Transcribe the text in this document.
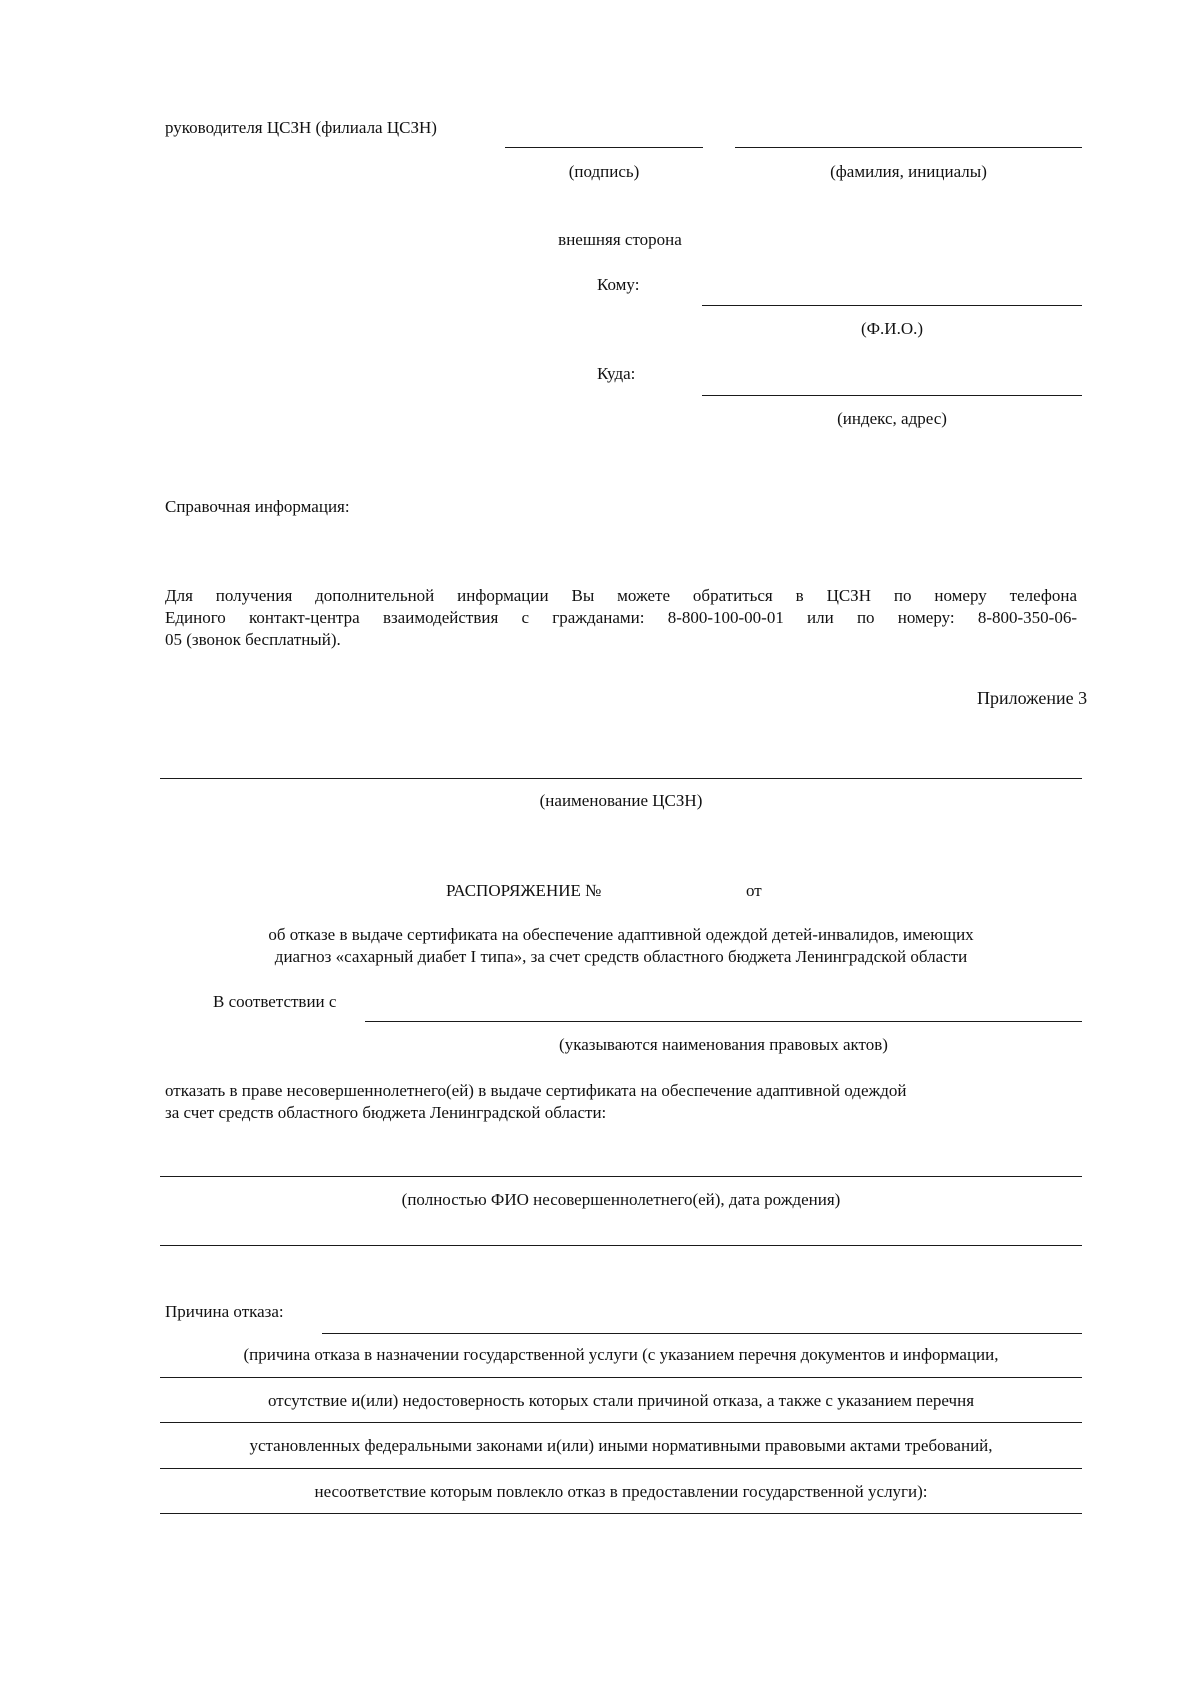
руководителя ЦСЗН (филиала ЦСЗН)
(подпись)	(фамилия, инициалы)
внешняя сторона
Кому:
(Ф.И.О.)
Куда:
(индекс, адрес)
Справочная информация:
Для получения дополнительной информации Вы можете обратиться в ЦСЗН по номеру телефона
Единого контакт-центра взаимодействия с гражданами: 8-800-100-00-01 или по номеру: 8-800-350-06-
05 (звонок бесплатный).
Приложение 3
(наименование ЦСЗН)
РАСПОРЯЖЕНИЕ №	от
об отказе в выдаче сертификата на обеспечение адаптивной одеждой детей-инвалидов, имеющих
диагноз «сахарный диабет I типа», за счет средств областного бюджета Ленинградской области
В соответствии с
(указываются наименования правовых актов)
отказать в праве несовершеннолетнего(ей) в выдаче сертификата на обеспечение адаптивной одеждой
за счет средств областного бюджета Ленинградской области:
(полностью ФИО несовершеннолетнего(ей), дата рождения)
Причина отказа:
(причина отказа в назначении государственной услуги (с указанием перечня документов и информации,
отсутствие и(или) недостоверность которых стали причиной отказа, а также с указанием перечня
установленных федеральными законами и(или) иными нормативными правовыми актами требований,
несоответствие которым повлекло отказ в предоставлении государственной услуги):
